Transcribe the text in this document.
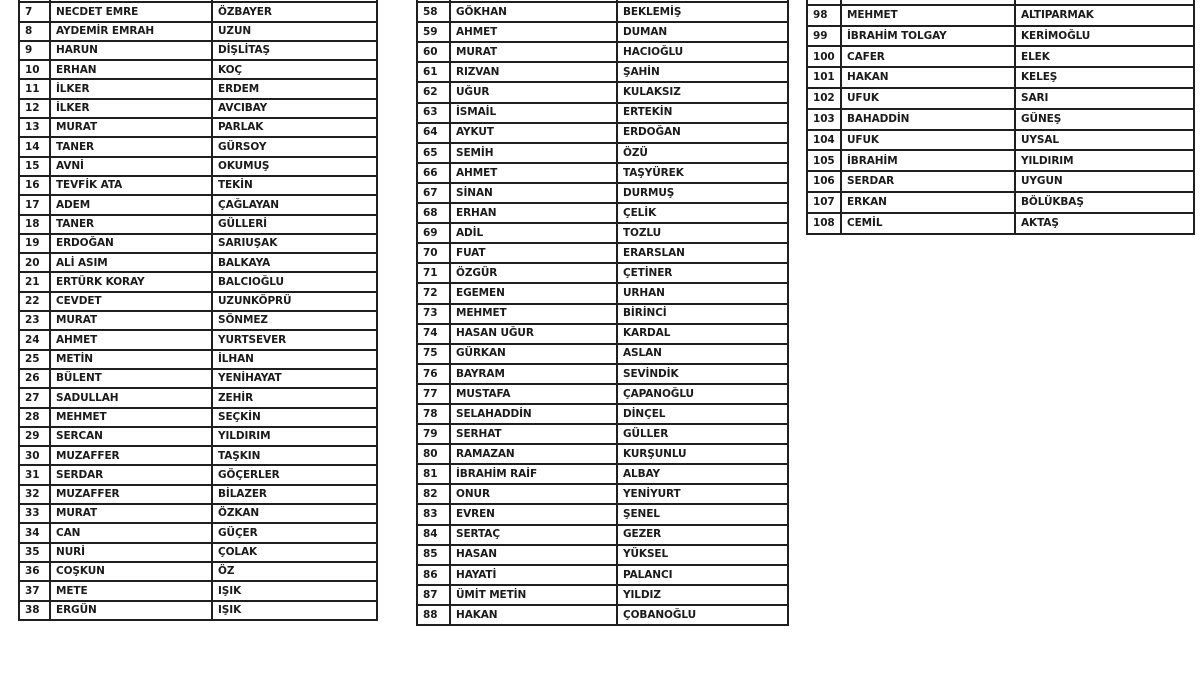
7	NECDET EMRE	ÖZBAYER
8	AYDEMİR EMRAH	UZUN
9	HARUN	DİŞLİTAŞ
10	ERHAN	KOÇ
11	İLKER	ERDEM
12	İLKER	AVCIBAY
13	MURAT	PARLAK
14	TANER	GÜRSOY
15	AVNİ	OKUMUŞ
16	TEVFİK ATA	TEKİN
17	ADEM	ÇAĞLAYAN
18	TANER	GÜLLERİ
19	ERDOĞAN	SARIUŞAK
20	ALİ ASIM	BALKAYA
21	ERTÜRK KORAY	BALCIOĞLU
22	CEVDET	UZUNKÖPRÜ
23	MURAT	SÖNMEZ
24	AHMET	YURTSEVER
25	METİN	İLHAN
26	BÜLENT	YENİHAYAT
27	SADULLAH	ZEHİR
28	MEHMET	SEÇKİN
29	SERCAN	YILDIRIM
30	MUZAFFER	TAŞKIN
31	SERDAR	GÖÇERLER
32	MUZAFFER	BİLAZER
33	MURAT	ÖZKAN
34	CAN	GÜÇER
35	NURİ	ÇOLAK
36	COŞKUN	ÖZ
37	METE	IŞIK
38	ERGÜN	IŞIK

58	GÖKHAN	BEKLEMİŞ
59	AHMET	DUMAN
60	MURAT	HACIOĞLU
61	RIZVAN	ŞAHİN
62	UĞUR	KULAKSIZ
63	İSMAİL	ERTEKİN
64	AYKUT	ERDOĞAN
65	SEMİH	ÖZÜ
66	AHMET	TAŞYÜREK
67	SİNAN	DURMUŞ
68	ERHAN	ÇELİK
69	ADİL	TOZLU
70	FUAT	ERARSLAN
71	ÖZGÜR	ÇETİNER
72	EGEMEN	URHAN
73	MEHMET	BİRİNCİ
74	HASAN UĞUR	KARDAL
75	GÜRKAN	ASLAN
76	BAYRAM	SEVİNDİK
77	MUSTAFA	ÇAPANOĞLU
78	SELAHADDİN	DİNÇEL
79	SERHAT	GÜLLER
80	RAMAZAN	KURŞUNLU
81	İBRAHİM RAİF	ALBAY
82	ONUR	YENİYURT
83	EVREN	ŞENEL
84	SERTAÇ	GEZER
85	HASAN	YÜKSEL
86	HAYATİ	PALANCI
87	ÜMİT METİN	YILDIZ
88	HAKAN	ÇOBANOĞLU

98	MEHMET	ALTIPARMAK
99	İBRAHİM TOLGAY	KERİMOĞLU
100	CAFER	ELEK
101	HAKAN	KELEŞ
102	UFUK	SARI
103	BAHADDİN	GÜNEŞ
104	UFUK	UYSAL
105	İBRAHİM	YILDIRIM
106	SERDAR	UYGUN
107	ERKAN	BÖLÜKBAŞ
108	CEMİL	AKTAŞ
